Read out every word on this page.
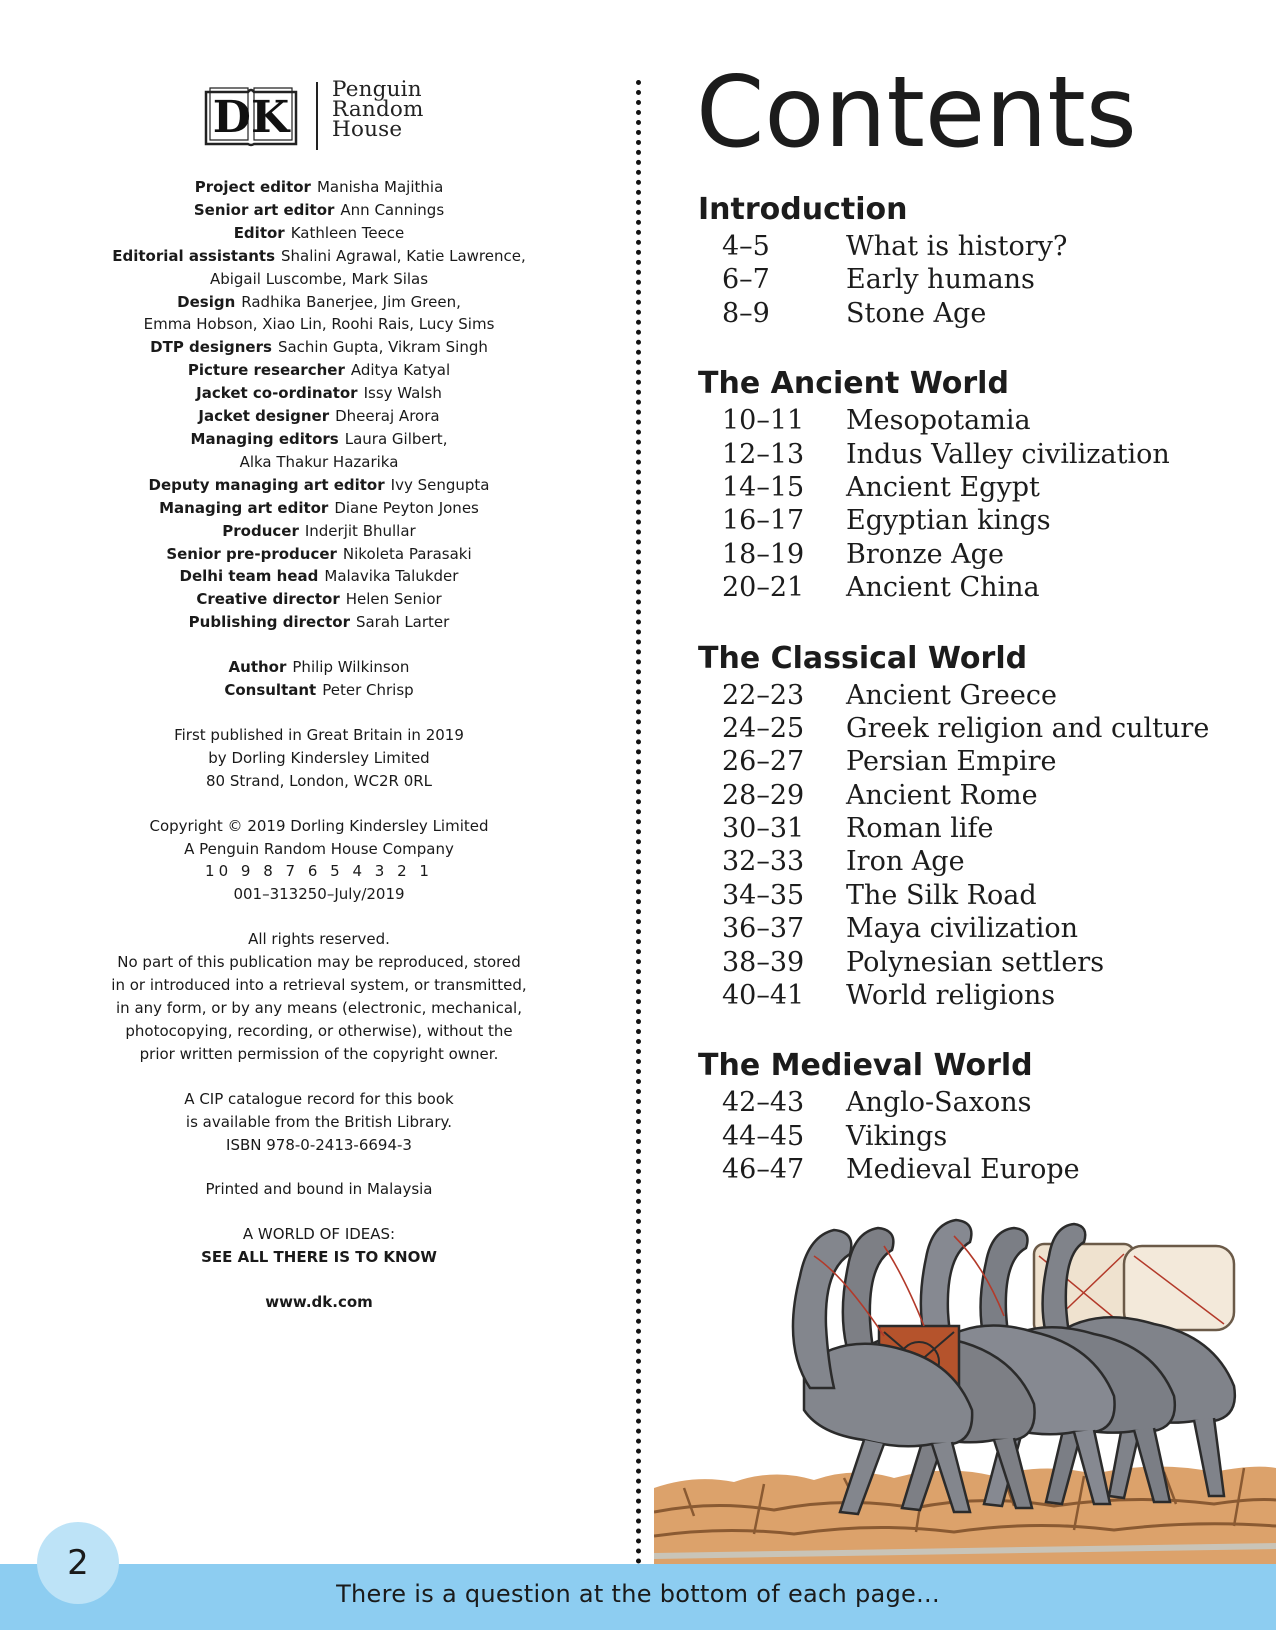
DK
Penguin
Random
House
Project editor Manisha Majithia
Senior art editor Ann Cannings
Editor Kathleen Teece
Editorial assistants Shalini Agrawal, Katie Lawrence,
Abigail Luscombe, Mark Silas
Design Radhika Banerjee, Jim Green,
Emma Hobson, Xiao Lin, Roohi Rais, Lucy Sims
DTP designers Sachin Gupta, Vikram Singh
Picture researcher Aditya Katyal
Jacket co-ordinator Issy Walsh
Jacket designer Dheeraj Arora
Managing editors Laura Gilbert,
Alka Thakur Hazarika
Deputy managing art editor Ivy Sengupta
Managing art editor Diane Peyton Jones
Producer Inderjit Bhullar
Senior pre-producer Nikoleta Parasaki
Delhi team head Malavika Talukder
Creative director Helen Senior
Publishing director Sarah Larter
Author Philip Wilkinson
Consultant Peter Chrisp
First published in Great Britain in 2019
by Dorling Kindersley Limited
80 Strand, London, WC2R 0RL
Copyright © 2019 Dorling Kindersley Limited
A Penguin Random House Company
10 9 8 7 6 5 4 3 2 1
001–313250–July/2019
All rights reserved.
No part of this publication may be reproduced, stored
in or introduced into a retrieval system, or transmitted,
in any form, or by any means (electronic, mechanical,
photocopying, recording, or otherwise), without the
prior written permission of the copyright owner.
A CIP catalogue record for this book
is available from the British Library.
ISBN 978-0-2413-6694-3
Printed and bound in Malaysia
A WORLD OF IDEAS:
SEE ALL THERE IS TO KNOW
www.dk.com
Contents
Introduction
4–5	What is history?
6–7	Early humans
8–9	Stone Age
The Ancient World
10–11	Mesopotamia
12–13	Indus Valley civilization
14–15	Ancient Egypt
16–17	Egyptian kings
18–19	Bronze Age
20–21	Ancient China
The Classical World
22–23	Ancient Greece
24–25	Greek religion and culture
26–27	Persian Empire
28–29	Ancient Rome
30–31	Roman life
32–33	Iron Age
34–35	The Silk Road
36–37	Maya civilization
38–39	Polynesian settlers
40–41	World religions
The Medieval World
42–43	Anglo-Saxons
44–45	Vikings
46–47	Medieval Europe
There is a question at the bottom of each page...
2
